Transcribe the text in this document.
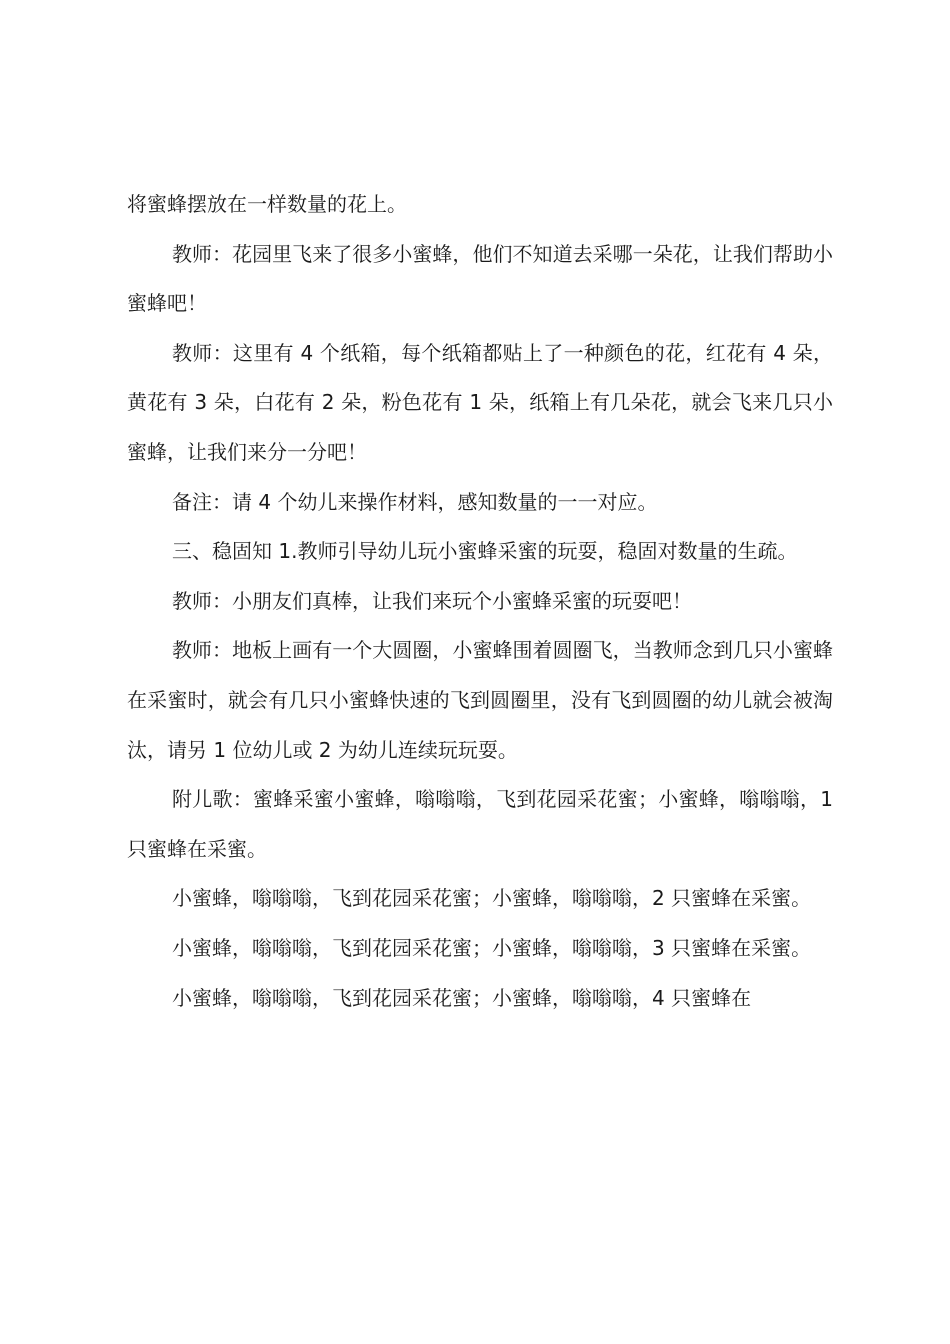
将蜜蜂摆放在一样数量的花上。

教师：花园里飞来了很多小蜜蜂，他们不知道去采哪一朵花，让我们帮助小蜜蜂吧！

教师：这里有 4 个纸箱，每个纸箱都贴上了一种颜色的花，红花有 4 朵，黄花有 3 朵，白花有 2 朵，粉色花有 1 朵，纸箱上有几朵花，就会飞来几只小蜜蜂，让我们来分一分吧！

备注：请 4 个幼儿来操作材料，感知数量的一一对应。

三、稳固知 1.教师引导幼儿玩小蜜蜂采蜜的玩耍，稳固对数量的生疏。

教师：小朋友们真棒，让我们来玩个小蜜蜂采蜜的玩耍吧！

教师：地板上画有一个大圆圈，小蜜蜂围着圆圈飞，当教师念到几只小蜜蜂在采蜜时，就会有几只小蜜蜂快速的飞到圆圈里，没有飞到圆圈的幼儿就会被淘汰，请另 1 位幼儿或 2 为幼儿连续玩玩耍。

附儿歌：蜜蜂采蜜小蜜蜂，嗡嗡嗡，飞到花园采花蜜；小蜜蜂，嗡嗡嗡，1 只蜜蜂在采蜜。

小蜜蜂，嗡嗡嗡，飞到花园采花蜜；小蜜蜂，嗡嗡嗡，2 只蜜蜂在采蜜。

小蜜蜂，嗡嗡嗡，飞到花园采花蜜；小蜜蜂，嗡嗡嗡，3 只蜜蜂在采蜜。

小蜜蜂，嗡嗡嗡，飞到花园采花蜜；小蜜蜂，嗡嗡嗡，4 只蜜蜂在
